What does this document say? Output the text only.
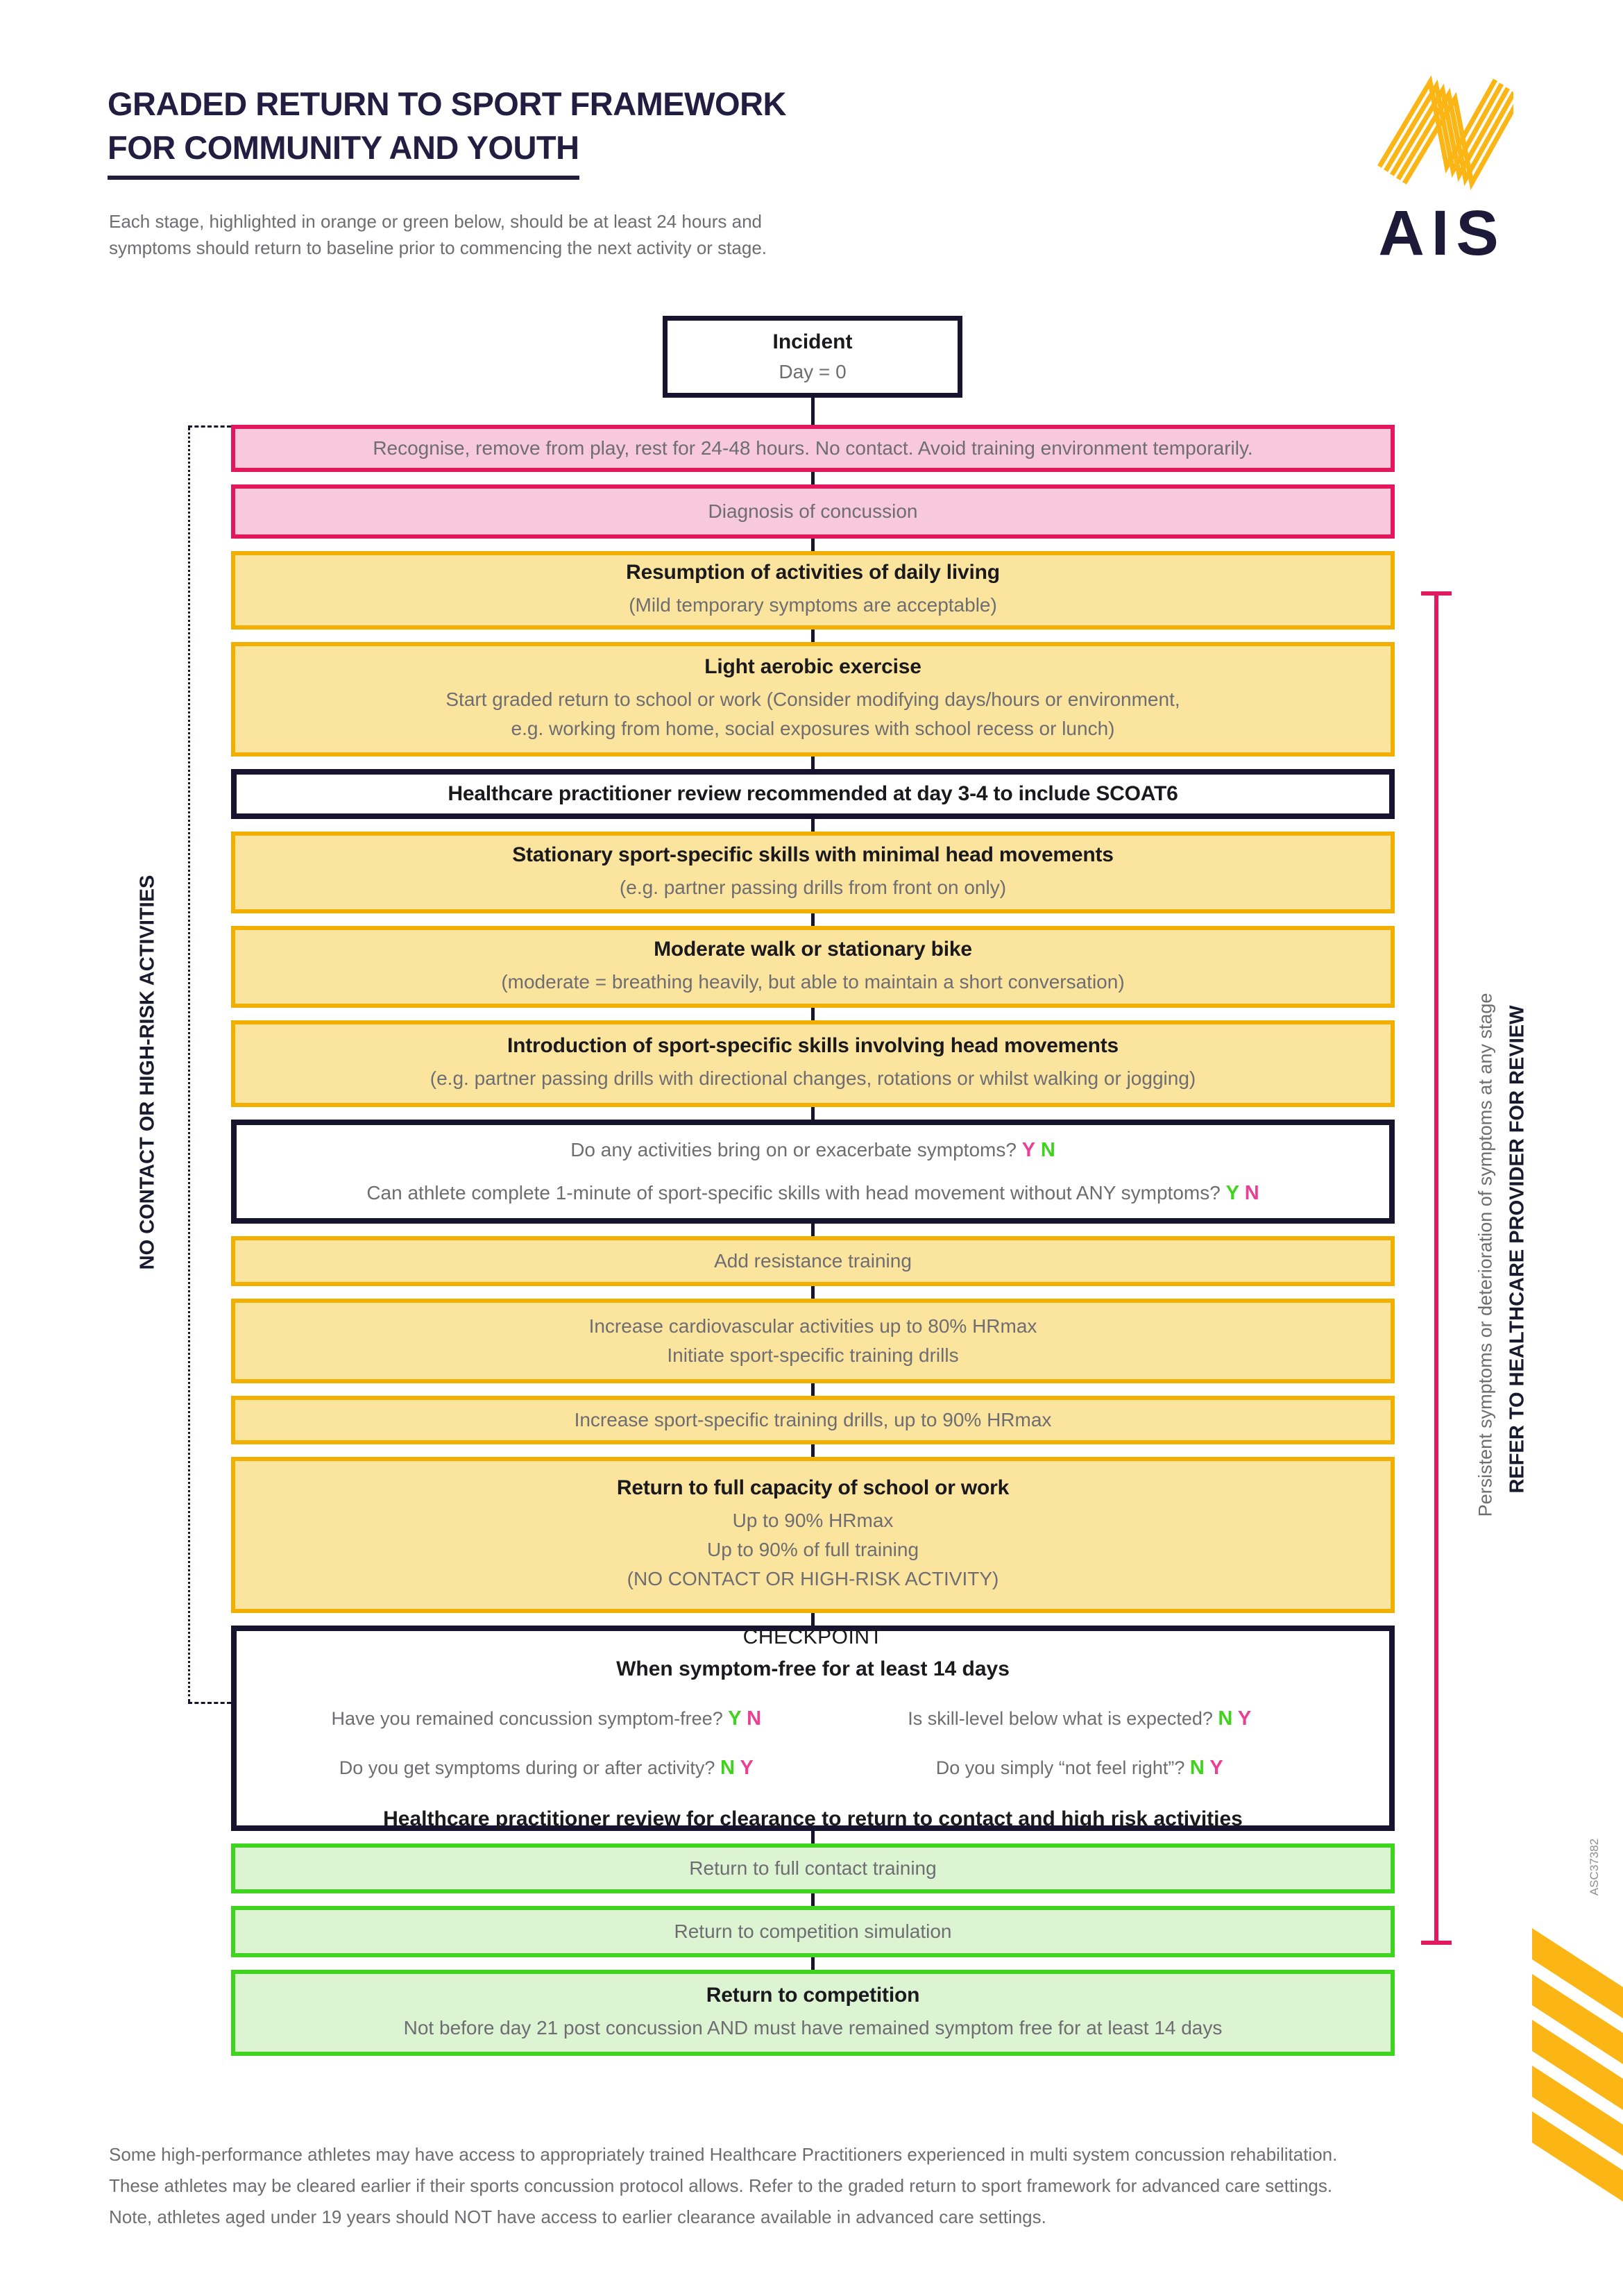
GRADED RETURN TO SPORT FRAMEWORK
FOR COMMUNITY AND YOUTH
Each stage, highlighted in orange or green below, should be at least 24 hours and
symptoms should return to baseline prior to commencing the next activity or stage.	AIS
Incident
Day = 0
Recognise, remove from play, rest for 24-48 hours. No contact. Avoid training environment temporarily.
Diagnosis of concussion
Resumption of activities of daily living
(Mild temporary symptoms are acceptable)
Light aerobic exercise
Start graded return to school or work (Consider modifying days/hours or environment,
e.g. working from home, social exposures with school recess or lunch)
Healthcare practitioner review recommended at day 3-4 to include SCOAT6
Stationary sport-specific skills with minimal head movements
(e.g. partner passing drills from front on only)
Moderate walk or stationary bike
(moderate = breathing heavily, but able to maintain a short conversation)
Introduction of sport-specific skills involving head movements
(e.g. partner passing drills with directional changes, rotations or whilst walking or jogging)
Do any activities bring on or exacerbate symptoms? Y N
Can athlete complete 1-minute of sport-specific skills with head movement without ANY symptoms? Y N
Add resistance training
Increase cardiovascular activities up to 80% HRmax
Initiate sport-specific training drills
Increase sport-specific training drills, up to 90% HRmax
Return to full capacity of school or work
Up to 90% HRmax
Up to 90% of full training
(NO CONTACT OR HIGH-RISK ACTIVITY)
CHECKPOINT
When symptom-free for at least 14 days
Have you remained concussion symptom-free? Y N	Is skill-level below what is expected? N Y
Do you get symptoms during or after activity? N Y	Do you simply “not feel right”? N Y
Healthcare practitioner review for clearance to return to contact and high risk activities
Return to full contact training
Return to competition simulation
Return to competition
Not before day 21 post concussion AND must have remained symptom free for at least 14 days
NO CONTACT OR HIGH-RISK ACTIVITIES	Persistent symptoms or deterioration of symptoms at any stage REFER TO HEALTHCARE PROVIDER FOR REVIEW
ASC37382
Some high-performance athletes may have access to appropriately trained Healthcare Practitioners experienced in multi system concussion rehabilitation.
These athletes may be cleared earlier if their sports concussion protocol allows. Refer to the graded return to sport framework for advanced care settings.
Note, athletes aged under 19 years should NOT have access to earlier clearance available in advanced care settings.
